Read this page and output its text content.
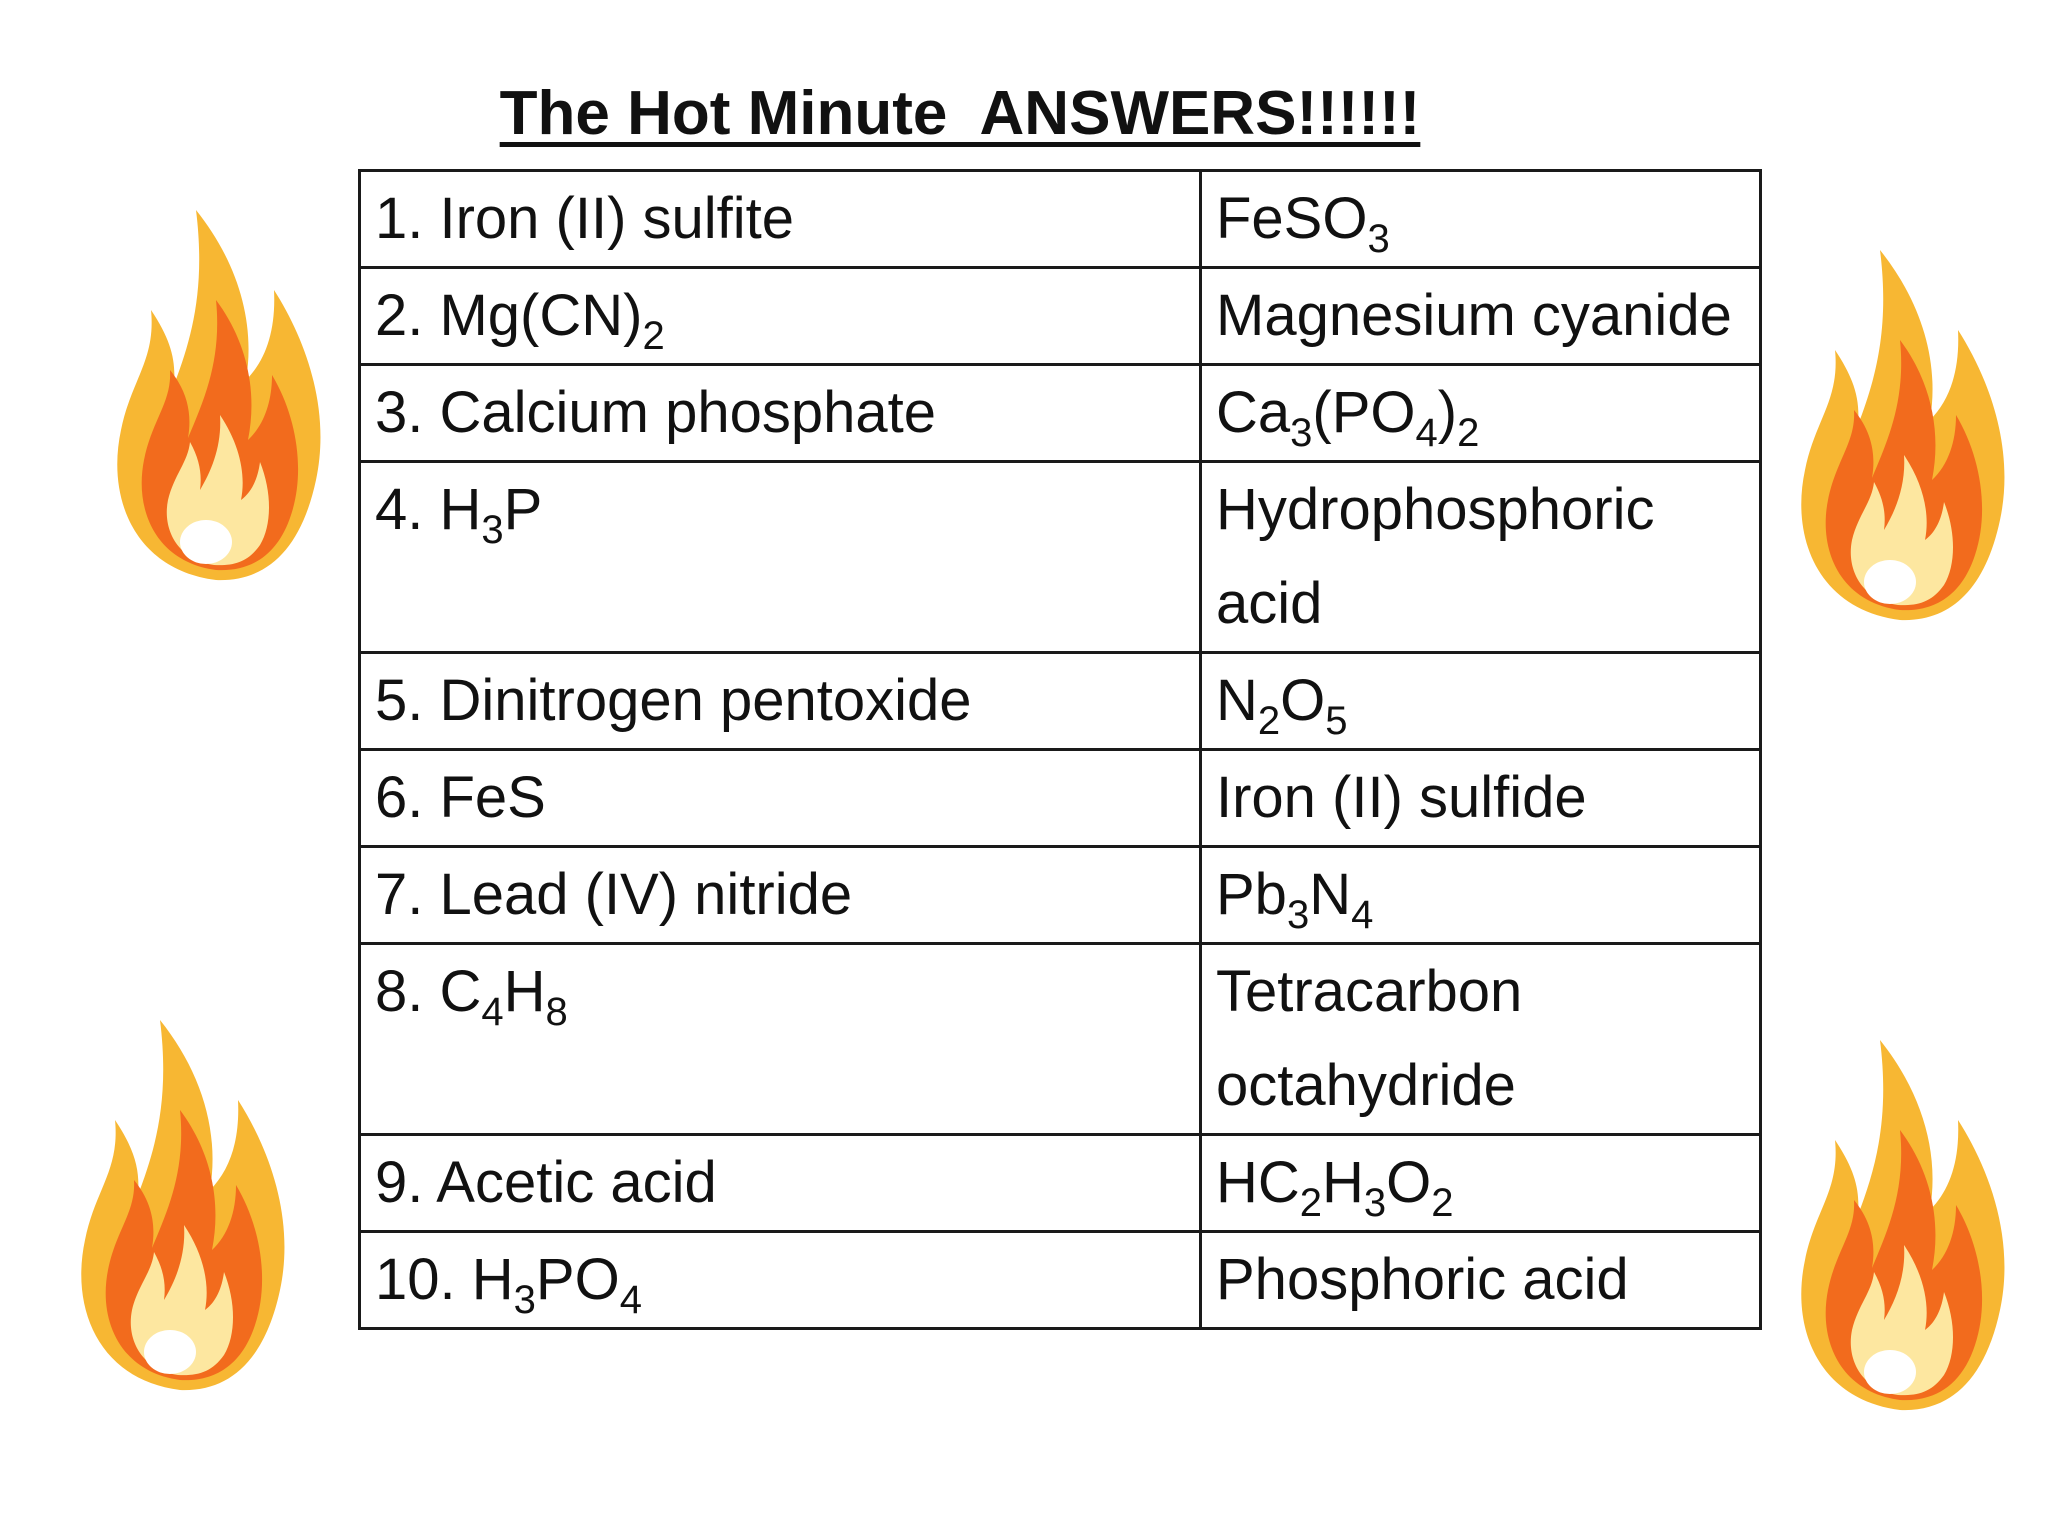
The Hot Minute  ANSWERS!!!!!!
1. Iron (II) sulfite	FeSO$_3$
2. $Mg(CN)_2$	Magnesium cyanide
3. Calcium phosphate	$Ca_3(PO_4)_2$
4. $H_3P$	Hydrophosphoric acid
5. Dinitrogen pentoxide	$N_2O_5$
6. FeS	Iron (II) sulfide
7. Lead (IV) nitride	$Pb_3N_4$
8. $C_4H_8$	Tetracarbon octahydride
9. Acetic acid	$HC_2H_3O_2$
10. $H_3PO_4$	Phosphoric acid
